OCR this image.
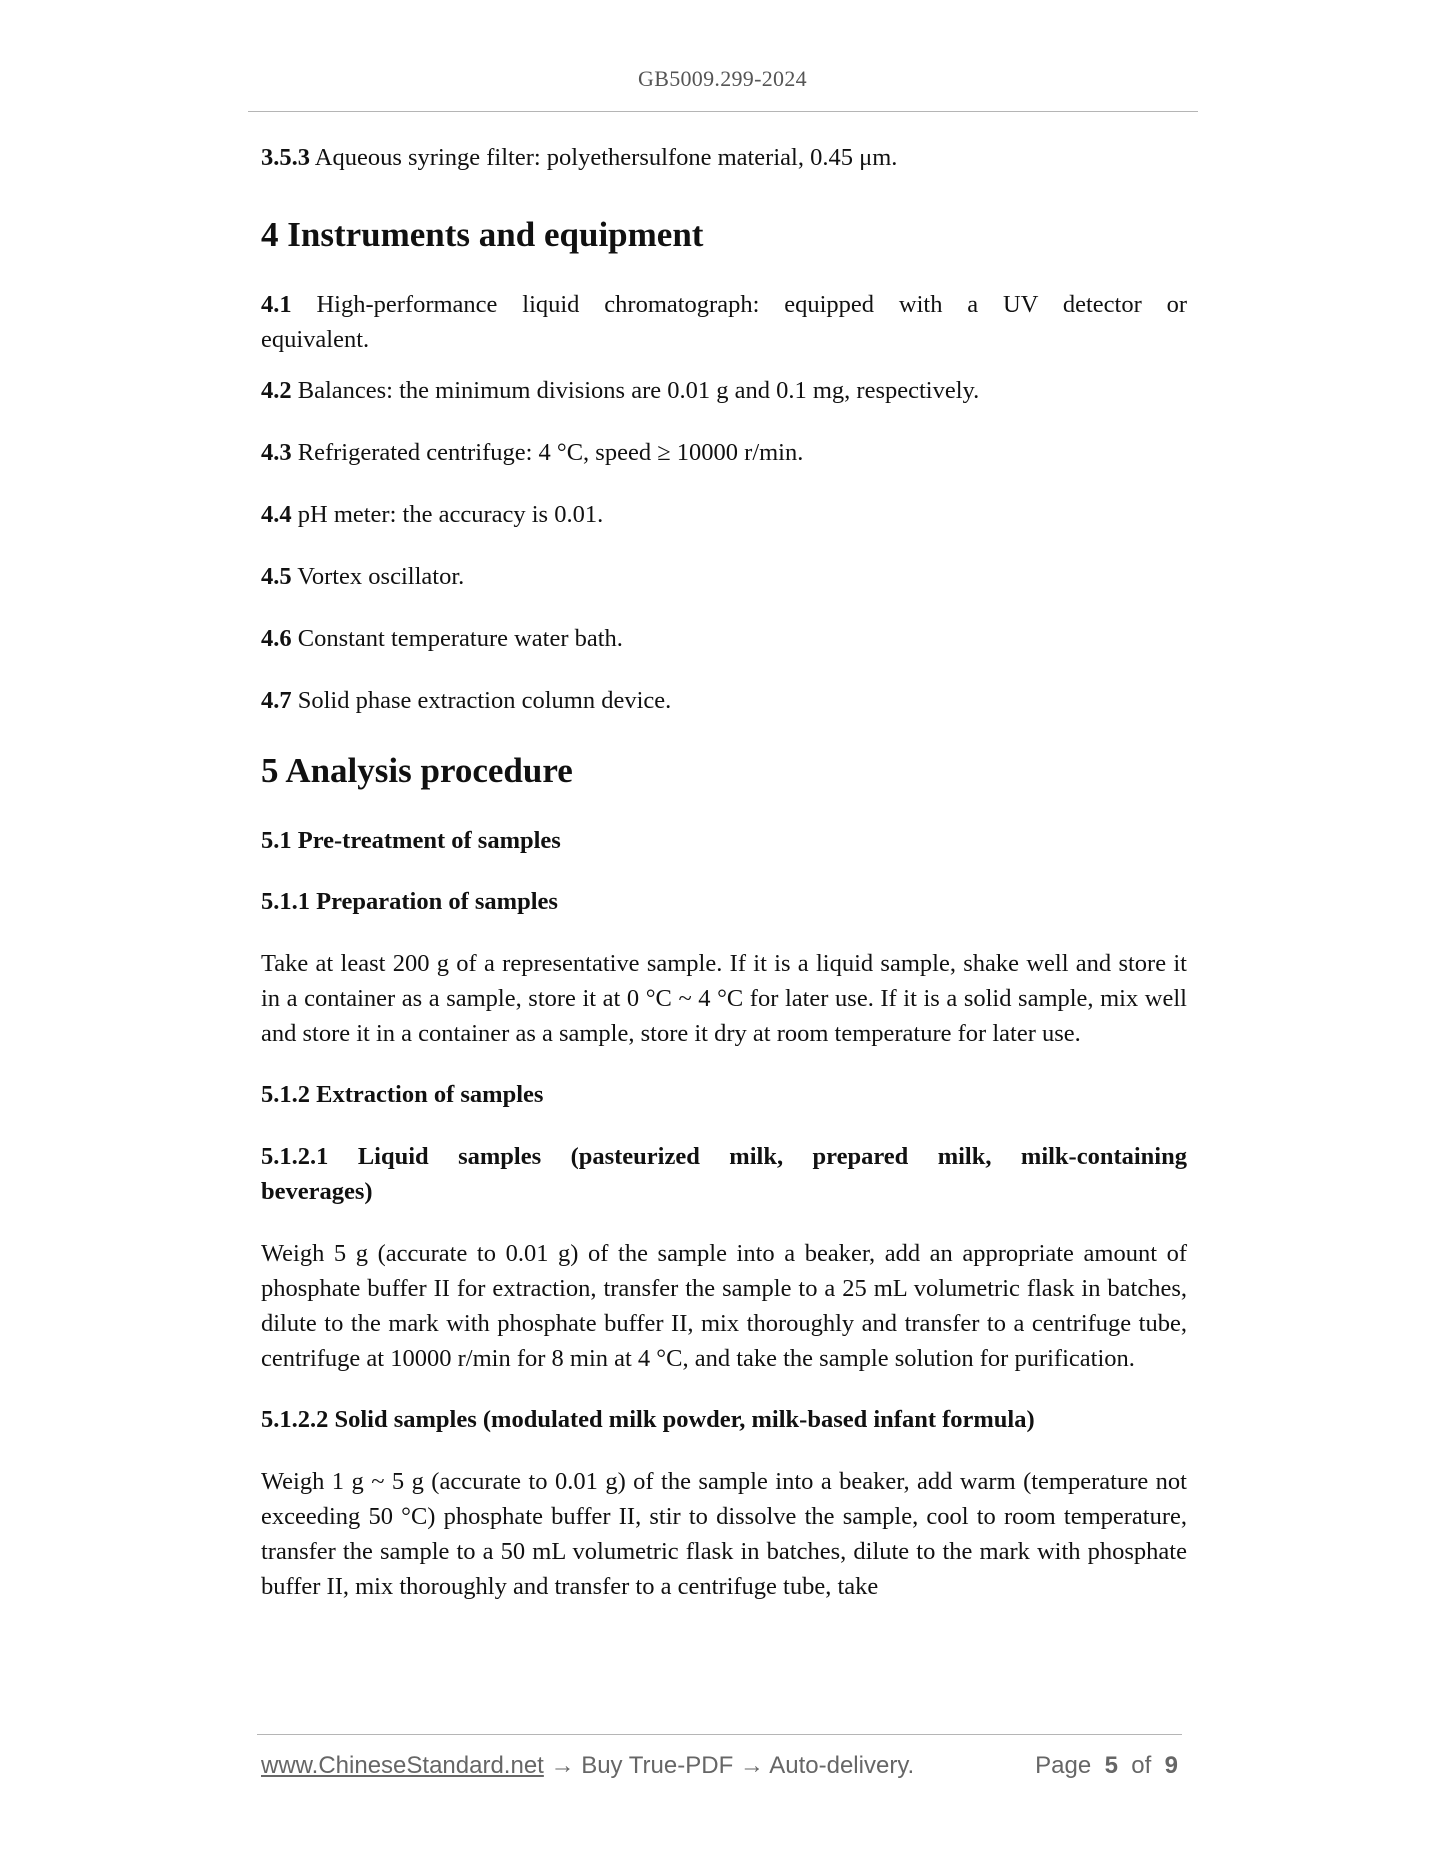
GB5009.299-2024

3.5.3 Aqueous syringe filter: polyethersulfone material, 0.45 μm.

4 Instruments and equipment

4.1 High-performance liquid chromatograph: equipped with a UV detector or equivalent.

4.2 Balances: the minimum divisions are 0.01 g and 0.1 mg, respectively.

4.3 Refrigerated centrifuge: 4 °C, speed ≥ 10000 r/min.

4.4 pH meter: the accuracy is 0.01.

4.5 Vortex oscillator.

4.6 Constant temperature water bath.

4.7 Solid phase extraction column device.

5 Analysis procedure
5.1 Pre-treatment of samples
5.1.1 Preparation of samples

Take at least 200 g of a representative sample. If it is a liquid sample, shake well and store it in a container as a sample, store it at 0 °C ~ 4 °C for later use. If it is a solid sample, mix well and store it in a container as a sample, store it dry at room temperature for later use.

5.1.2 Extraction of samples
5.1.2.1 Liquid samples (pasteurized milk, prepared milk, milk-containing beverages)

Weigh 5 g (accurate to 0.01 g) of the sample into a beaker, add an appropriate amount of phosphate buffer II for extraction, transfer the sample to a 25 mL volumetric flask in batches, dilute to the mark with phosphate buffer II, mix thoroughly and transfer to a centrifuge tube, centrifuge at 10000 r/min for 8 min at 4 °C, and take the sample solution for purification.

5.1.2.2 Solid samples (modulated milk powder, milk-based infant formula)

Weigh 1 g ~ 5 g (accurate to 0.01 g) of the sample into a beaker, add warm (temperature not exceeding 50 °C) phosphate buffer II, stir to dissolve the sample, cool to room temperature, transfer the sample to a 50 mL volumetric flask in batches, dilute to the mark with phosphate buffer II, mix thoroughly and transfer to a centrifuge tube, take

www.ChineseStandard.net → Buy True-PDF → Auto-delivery.	Page 5 of 9
